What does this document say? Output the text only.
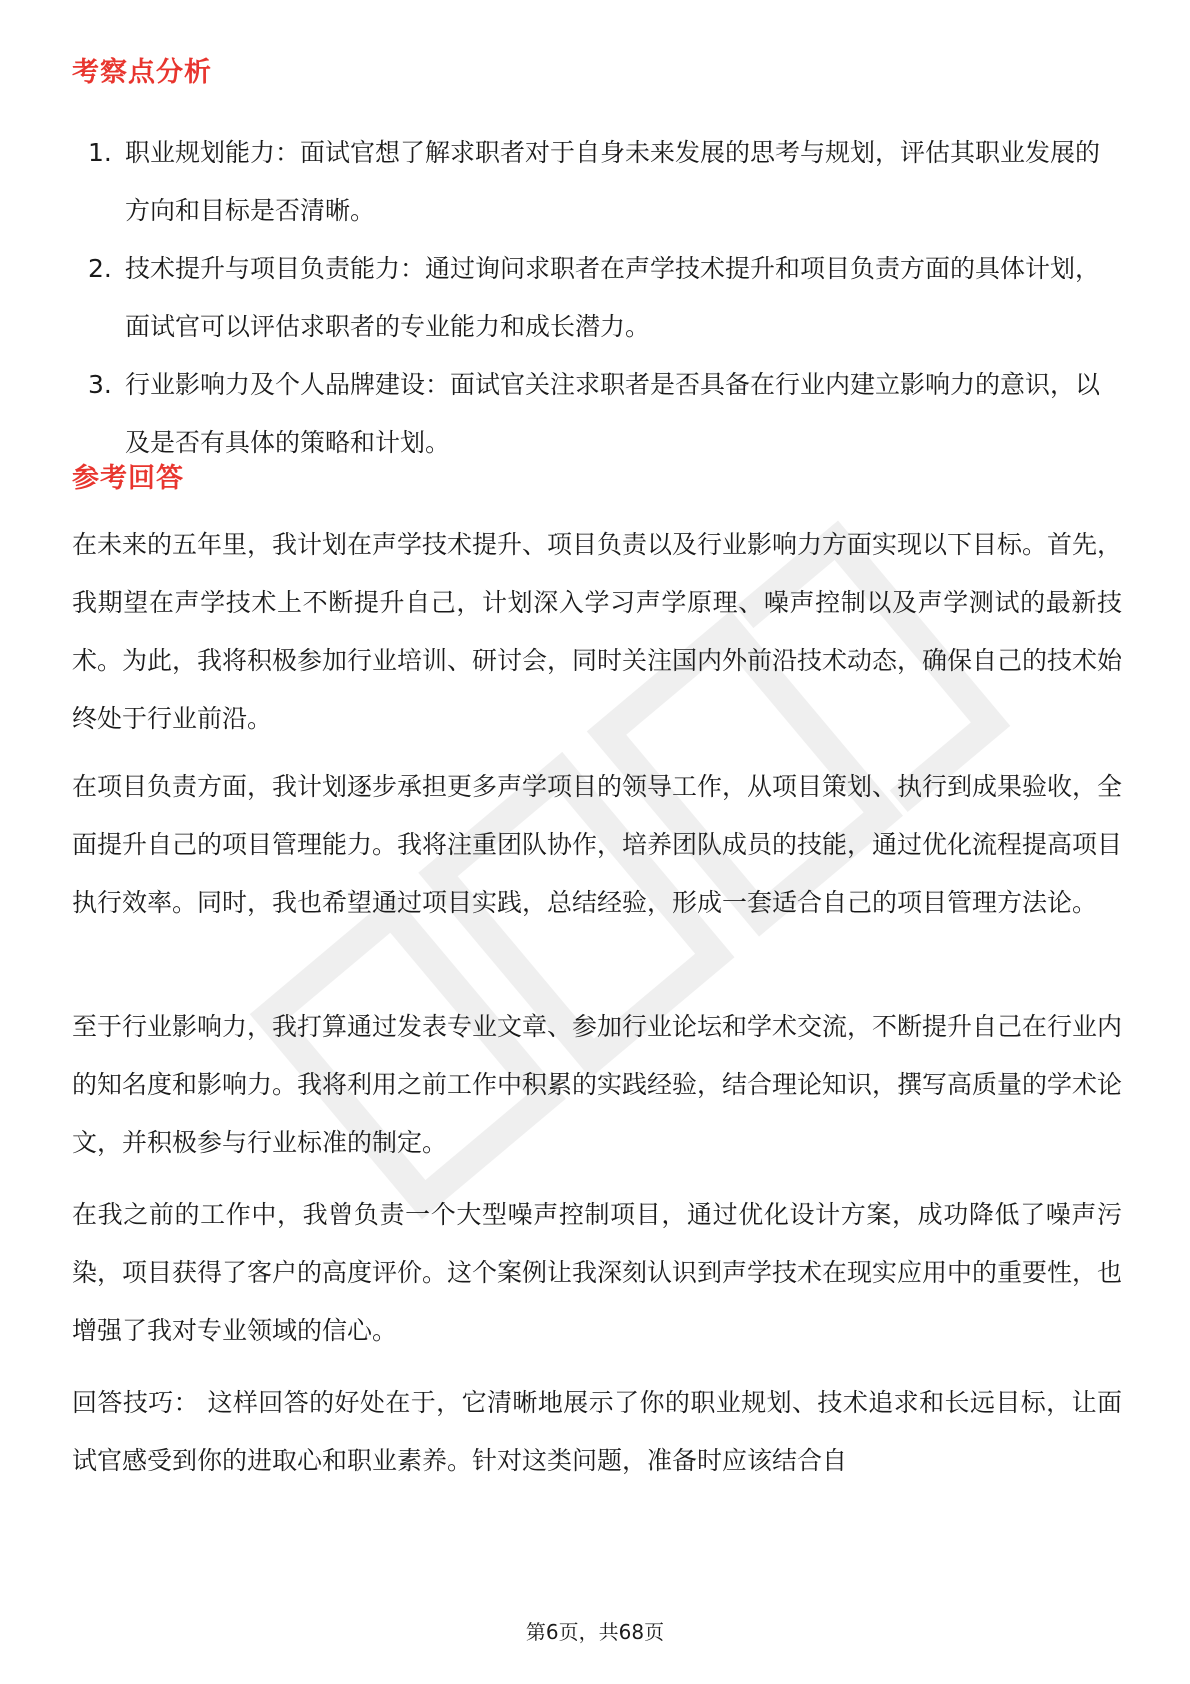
考察点分析
1. 职业规划能力：面试官想了解求职者对于自身未来发展的思考与规划，评估其职业发展的方向和目标是否清晰。
2. 技术提升与项目负责能力：通过询问求职者在声学技术提升和项目负责方面的具体计划，面试官可以评估求职者的专业能力和成长潜力。
3. 行业影响力及个人品牌建设：面试官关注求职者是否具备在行业内建立影响力的意识，以及是否有具体的策略和计划。
参考回答

在未来的五年里，我计划在声学技术提升、项目负责以及行业影响力方面实现以下目标。首先，我期望在声学技术上不断提升自己，计划深入学习声学原理、噪声控制以及声学测试的最新技术。为此，我将积极参加行业培训、研讨会，同时关注国内外前沿技术动态，确保自己的技术始终处于行业前沿。

在项目负责方面，我计划逐步承担更多声学项目的领导工作，从项目策划、执行到成果验收，全面提升自己的项目管理能力。我将注重团队协作，培养团队成员的技能，通过优化流程提高项目执行效率。同时，我也希望通过项目实践，总结经验，形成一套适合自己的项目管理方法论。

至于行业影响力，我打算通过发表专业文章、参加行业论坛和学术交流，不断提升自己在行业内的知名度和影响力。我将利用之前工作中积累的实践经验，结合理论知识，撰写高质量的学术论文，并积极参与行业标准的制定。

在我之前的工作中，我曾负责一个大型噪声控制项目，通过优化设计方案，成功降低了噪声污染，项目获得了客户的高度评价。这个案例让我深刻认识到声学技术在现实应用中的重要性，也增强了我对专业领域的信心。

回答技巧： 这样回答的好处在于，它清晰地展示了你的职业规划、技术追求和长远目标，让面试官感受到你的进取心和职业素养。针对这类问题，准备时应该结合自

第6页，共68页
